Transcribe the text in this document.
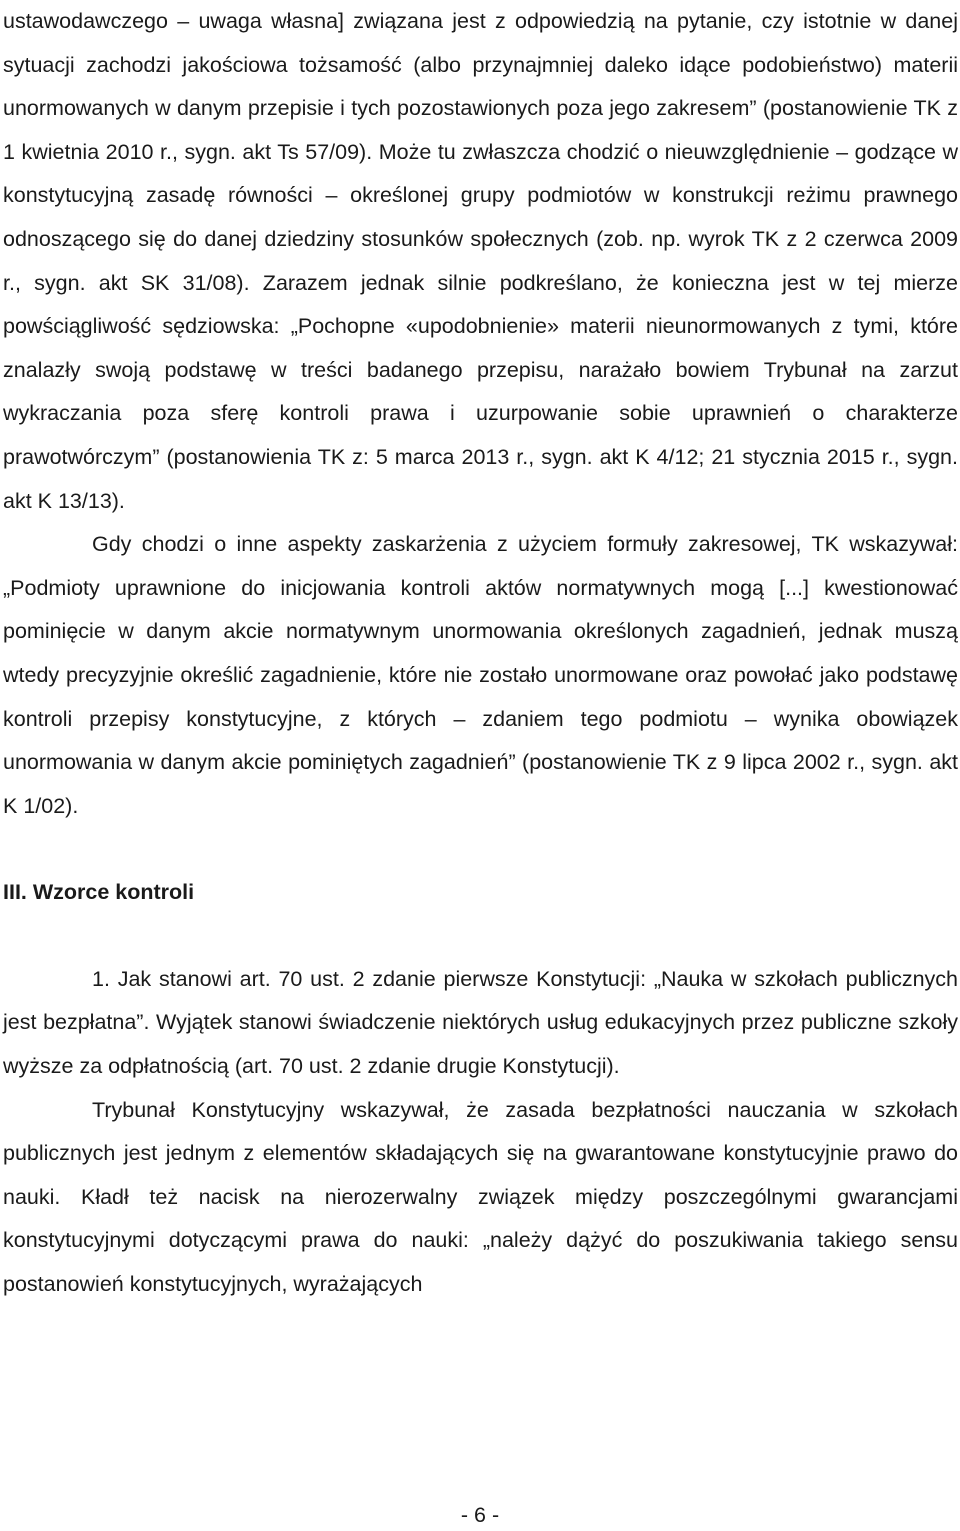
ustawodawczego – uwaga własna] związana jest z odpowiedzią na pytanie, czy istotnie w danej sytuacji zachodzi jakościowa tożsamość (albo przynajmniej daleko idące podobieństwo) materii unormowanych w danym przepisie i tych pozostawionych poza jego zakresem” (postanowienie TK z 1 kwietnia 2010 r., sygn. akt Ts 57/09). Może tu zwłaszcza chodzić o nieuwzględnienie – godzące w konstytucyjną zasadę równości – określonej grupy podmiotów w konstrukcji reżimu prawnego odnoszącego się do danej dziedziny stosunków społecznych (zob. np. wyrok TK z 2 czerwca 2009 r., sygn. akt SK 31/08). Zarazem jednak silnie podkreślano, że konieczna jest w tej mierze powściągliwość sędziowska: „Pochopne «upodobnienie» materii nieunormowanych z tymi, które znalazły swoją podstawę w treści badanego przepisu, narażało bowiem Trybunał na zarzut wykraczania poza sferę kontroli prawa i uzurpowanie sobie uprawnień o charakterze prawotwórczym” (postanowienia TK z: 5 marca 2013 r., sygn. akt K 4/12; 21 stycznia 2015 r., sygn. akt K 13/13).

Gdy chodzi o inne aspekty zaskarżenia z użyciem formuły zakresowej, TK wskazywał: „Podmioty uprawnione do inicjowania kontroli aktów normatywnych mogą [...] kwestionować pominięcie w danym akcie normatywnym unormowania określonych zagadnień, jednak muszą wtedy precyzyjnie określić zagadnienie, które nie zostało unormowane oraz powołać jako podstawę kontroli przepisy konstytucyjne, z których – zdaniem tego podmiotu – wynika obowiązek unormowania w danym akcie pominiętych zagadnień” (postanowienie TK z 9 lipca 2002 r., sygn. akt K 1/02).

III. Wzorce kontroli

1. Jak stanowi art. 70 ust. 2 zdanie pierwsze Konstytucji: „Nauka w szkołach publicznych jest bezpłatna”. Wyjątek stanowi świadczenie niektórych usług edukacyjnych przez publiczne szkoły wyższe za odpłatnością (art. 70 ust. 2 zdanie drugie Konstytucji).

Trybunał Konstytucyjny wskazywał, że zasada bezpłatności nauczania w szkołach publicznych jest jednym z elementów składających się na gwarantowane konstytucyjnie prawo do nauki. Kładł też nacisk na nierozerwalny związek między poszczególnymi gwarancjami konstytucyjnymi dotyczącymi prawa do nauki: „należy dążyć do poszukiwania takiego sensu postanowień konstytucyjnych, wyrażających

- 6 -
